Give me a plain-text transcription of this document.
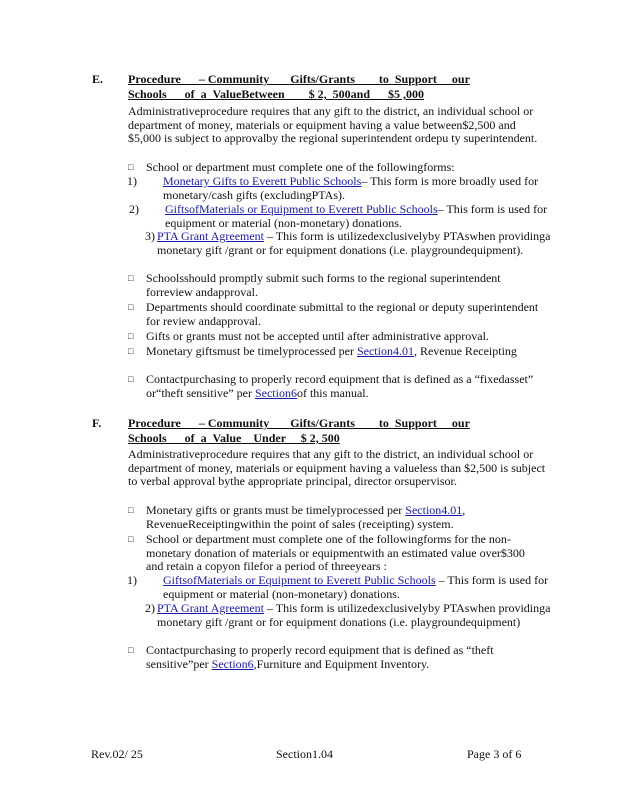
E. Procedure      – Community       Gifts/Grants        to  Support     our
Schools      of  a  ValueBetween        $ 2,  500and      $5 ,000
Administrativeprocedure requires that any gift to the district, an individual school or department of money, materials or equipment having a value between$2,500 and $5,000 is subject to approvalby the regional superintendent ordepu ty superintendent.
□	School or department must complete one of the followingforms:
1)	Monetary Gifts to Everett Public Schools– This form is more broadly used for monetary/cash gifts (excludingPTAs).
2)	GiftsofMaterials or Equipment to Everett Public Schools– This form is used for equipment or material (non-monetary) donations.
3) PTA Grant Agreement – This form is utilizedexclusivelyby PTAswhen providinga monetary gift /grant or for equipment donations (i.e. playgroundequipment).
□	Schoolsshould promptly submit such forms to the regional superintendent forreview andapproval.
□	Departments should coordinate submittal to the regional or deputy superintendent for review andapproval.
□	Gifts or grants must not be accepted until after administrative approval.
□	Monetary giftsmust be timelyprocessed per Section4.01, Revenue Receipting
□	Contactpurchasing to properly record equipment that is defined as a “fixedasset” or“theft sensitive” per Section6of this manual.
F. Procedure      – Community       Gifts/Grants        to  Support     our
Schools      of  a  Value    Under     $ 2, 500
Administrativeprocedure requires that any gift to the district, an individual school or department of money, materials or equipment having a valueless than $2,500 is subject to verbal approval bythe appropriate principal, director orsupervisor.
□	Monetary gifts or grants must be timelyprocessed per Section4.01, RevenueReceiptingwithin the point of sales (receipting) system.
□	School or department must complete one of the followingforms for the non-monetary donation of materials or equipmentwith an estimated value over$300 and retain a copyon filefor a period of threeyears :
1)	GiftsofMaterials or Equipment to Everett Public Schools – This form is used for equipment or material (non-monetary) donations.
2) PTA Grant Agreement – This form is utilizedexclusivelyby PTAswhen providinga monetary gift /grant or for equipment donations (i.e. playgroundequipment)
□	Contactpurchasing to properly record equipment that is defined as “theft sensitive”per Section6,Furniture and Equipment Inventory.
Rev.02/ 25	Section1.04	Page 3 of 6
